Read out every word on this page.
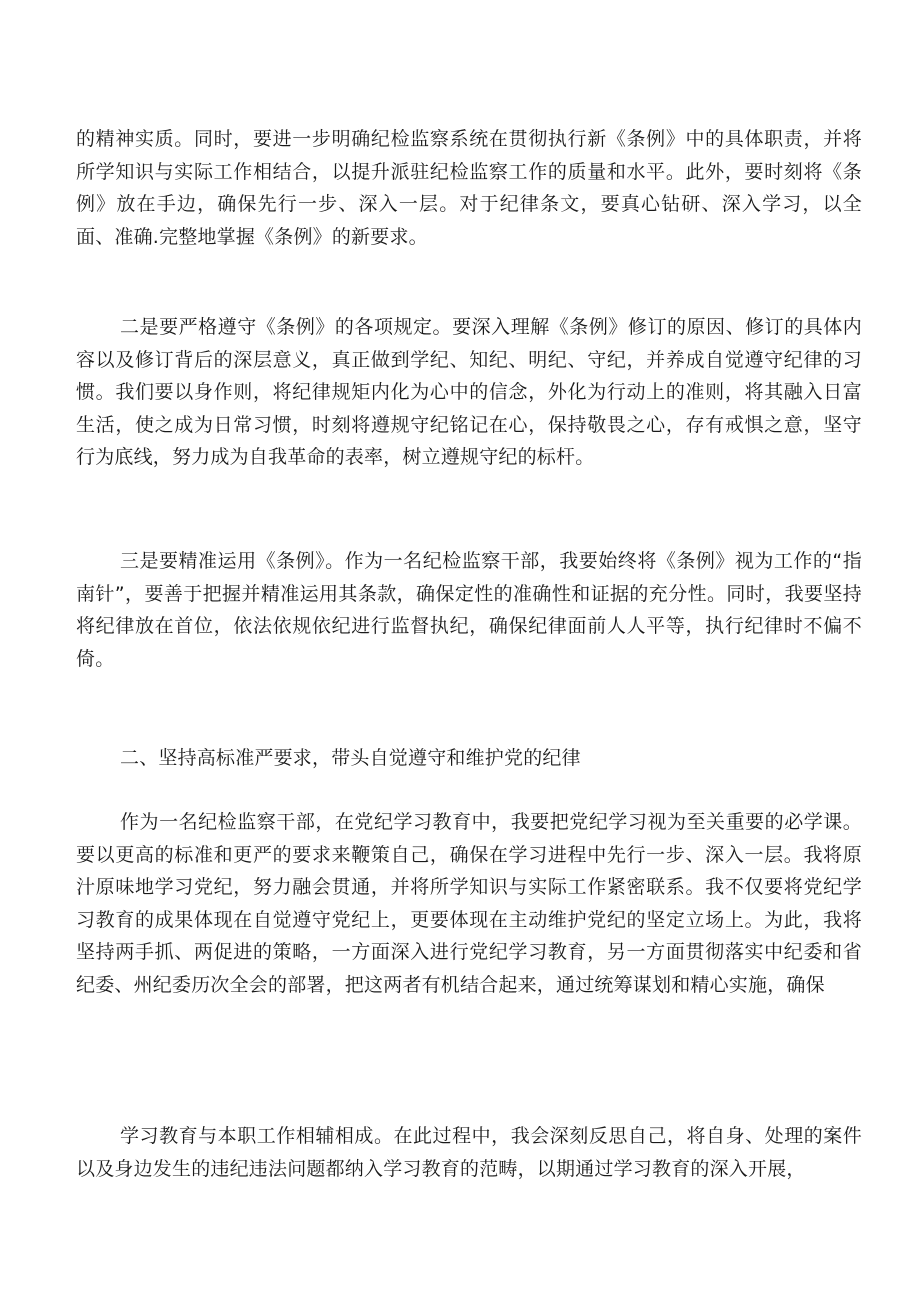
的精神实质。同时，要进一步明确纪检监察系统在贯彻执行新《条例》中的具体职责，并将所学知识与实际工作相结合，以提升派驻纪检监察工作的质量和水平。此外，要时刻将《条例》放在手边，确保先行一步、深入一层。对于纪律条文，要真心钻研、深入学习，以全面、准确.完整地掌握《条例》的新要求。

二是要严格遵守《条例》的各项规定。要深入理解《条例》修订的原因、修订的具体内容以及修订背后的深层意义，真正做到学纪、知纪、明纪、守纪，并养成自觉遵守纪律的习惯。我们要以身作则，将纪律规矩内化为心中的信念，外化为行动上的准则，将其融入日富生活，使之成为日常习惯，时刻将遵规守纪铭记在心，保持敬畏之心，存有戒惧之意，坚守行为底线，努力成为自我革命的表率，树立遵规守纪的标杆。

三是要精准运用《条例》。作为一名纪检监察干部，我要始终将《条例》视为工作的“指南针”，要善于把握并精准运用其条款，确保定性的准确性和证据的充分性。同时，我要坚持将纪律放在首位，依法依规依纪进行监督执纪，确保纪律面前人人平等，执行纪律时不偏不倚。

二、坚持高标准严要求，带头自觉遵守和维护党的纪律

作为一名纪检监察干部，在党纪学习教育中，我要把党纪学习视为至关重要的必学课。要以更高的标准和更严的要求来鞭策自己，确保在学习进程中先行一步、深入一层。我将原汁原味地学习党纪，努力融会贯通，并将所学知识与实际工作紧密联系。我不仅要将党纪学习教育的成果体现在自觉遵守党纪上，更要体现在主动维护党纪的坚定立场上。为此，我将坚持两手抓、两促进的策略，一方面深入进行党纪学习教育，另一方面贯彻落实中纪委和省纪委、州纪委历次全会的部署，把这两者有机结合起来，通过统筹谋划和精心实施，确保

学习教育与本职工作相辅相成。在此过程中，我会深刻反思自己，将自身、处理的案件以及身边发生的违纪违法问题都纳入学习教育的范畴，以期通过学习教育的深入开展，
